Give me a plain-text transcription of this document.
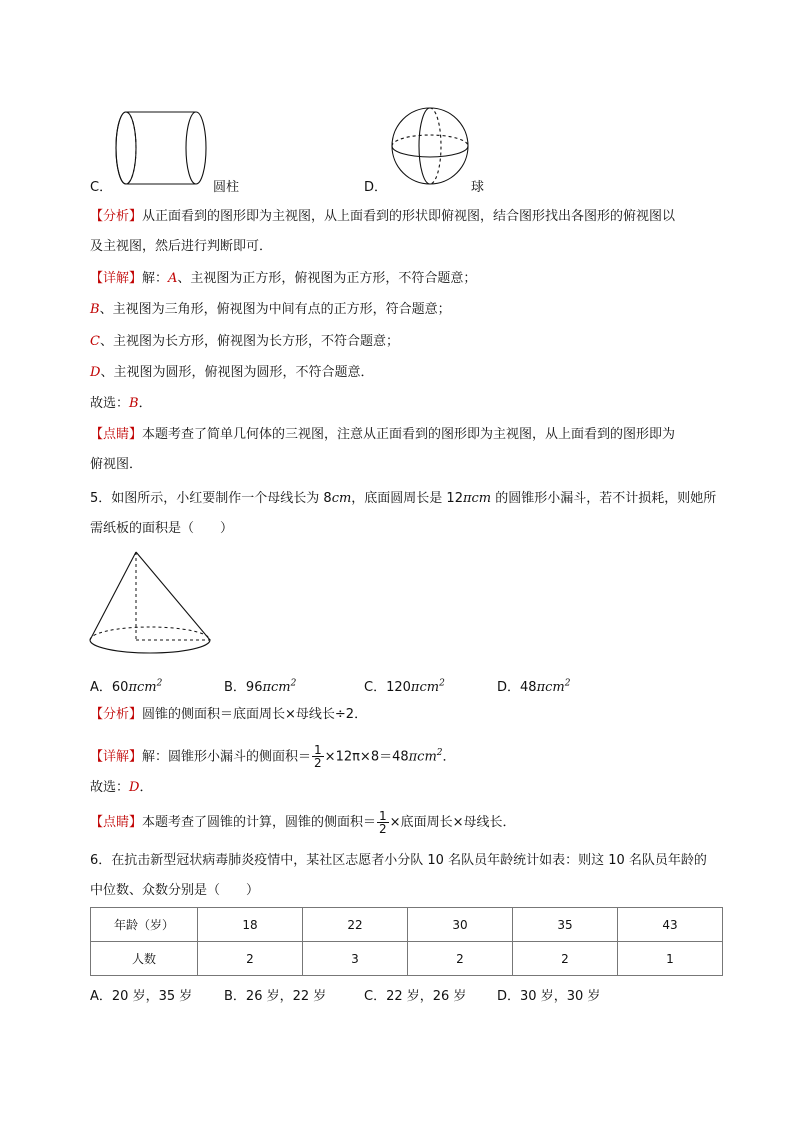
C．	圆柱	D．	球
【分析】从正面看到的图形即为主视图，从上面看到的形状即俯视图，结合图形找出各图形的俯视图以
及主视图，然后进行判断即可．
【详解】解：A、主视图为正方形，俯视图为正方形，不符合题意；
B、主视图为三角形，俯视图为中间有点的正方形，符合题意；
C、主视图为长方形，俯视图为长方形，不符合题意；
D、主视图为圆形，俯视图为圆形，不符合题意．
故选：B．
【点睛】本题考查了简单几何体的三视图，注意从正面看到的图形即为主视图，从上面看到的图形即为
俯视图．
5．如图所示，小红要制作一个母线长为 8cm，底面圆周长是 12πcm 的圆锥形小漏斗，若不计损耗，则她所
需纸板的面积是（　　）
A．60πcm$^2$	B．96πcm$^2$	C．120πcm$^2$	D．48πcm$^2$
【分析】圆锥的侧面积＝底面周长×母线长÷2．
【详解】解：圆锥形小漏斗的侧面积＝ $\frac{1}{2} \times 12\pi\times 8=48\pi cm^2$．
故选：D．
【点睛】本题考查了圆锥的计算，圆锥的侧面积＝ $\frac{1}{2}$ ×底面周长×母线长．
6．在抗击新型冠状病毒肺炎疫情中，某社区志愿者小分队 10 名队员年龄统计如表：则这 10 名队员年龄的
中位数、众数分别是（　　）
年龄（岁）	18	22	30	35	43
人数	2	3	2	2	1
A．20 岁，35 岁 B．26 岁，22 岁	C．22 岁，26 岁 D．30 岁，30 岁
